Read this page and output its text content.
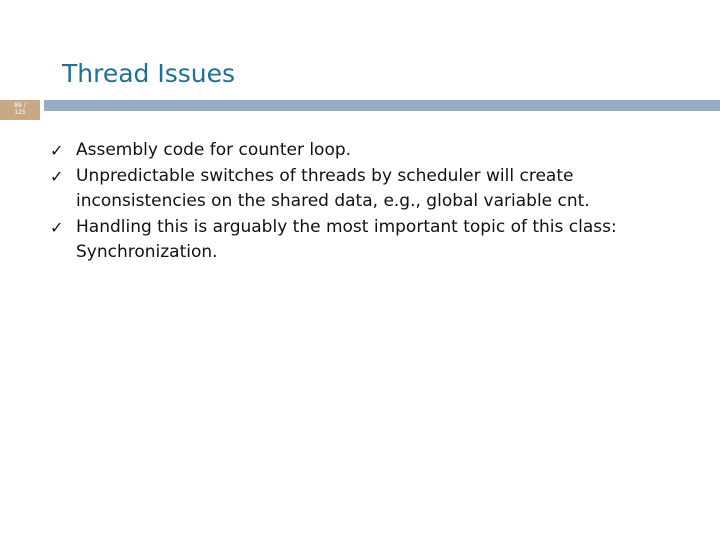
Thread Issues
89 /
125

✓ Assembly code for counter loop.

✓ Unpredictable switches of threads by scheduler will create inconsistencies on the shared data, e.g., global variable cnt.

✓ Handling this is arguably the most important topic of this class: Synchronization.
